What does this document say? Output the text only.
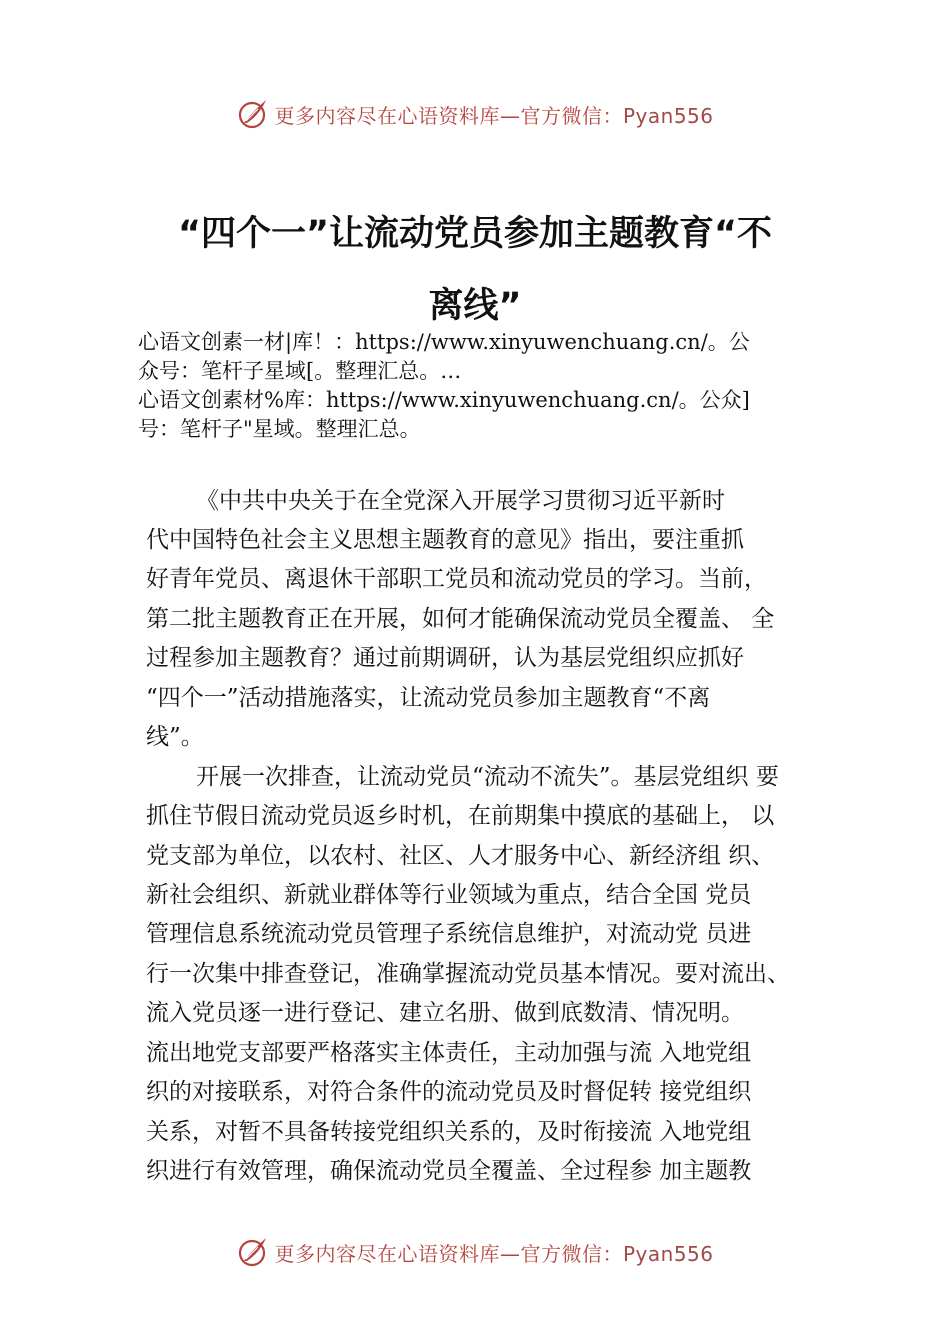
更多内容尽在心语资料库—官方微信：Pyan556
“四个一”让流动党员参加主题教育“不
离线”
心语文创素一材|库！：https://www.xinyuwenchuang.cn/。公
众号：笔杆子星域[。整理汇总。…
心语文创素材%库：https://www.xinyuwenchuang.cn/。公众]
号：笔杆子"星域。整理汇总。
《中共中央关于在全党深入开展学习贯彻习近平新时
代中国特色社会主义思想主题教育的意见》指出，要注重抓
好青年党员、离退休干部职工党员和流动党员的学习。当前，
第二批主题教育正在开展，如何才能确保流动党员全覆盖、 全
过程参加主题教育？通过前期调研，认为基层党组织应抓好
“四个一”活动措施落实，让流动党员参加主题教育“不离
线”。
开展一次排查，让流动党员“流动不流失”。基层党组织 要
抓住节假日流动党员返乡时机，在前期集中摸底的基础上， 以
党支部为单位，以农村、社区、人才服务中心、新经济组 织、
新社会组织、新就业群体等行业领域为重点，结合全国 党员
管理信息系统流动党员管理子系统信息维护，对流动党 员进
行一次集中排查登记，准确掌握流动党员基本情况。要对流出、
流入党员逐一进行登记、建立名册、做到底数清、情况明。
流出地党支部要严格落实主体责任，主动加强与流 入地党组
织的对接联系，对符合条件的流动党员及时督促转 接党组织
关系，对暂不具备转接党组织关系的，及时衔接流 入地党组
织进行有效管理，确保流动党员全覆盖、全过程参 加主题教
更多内容尽在心语资料库—官方微信：Pyan556
